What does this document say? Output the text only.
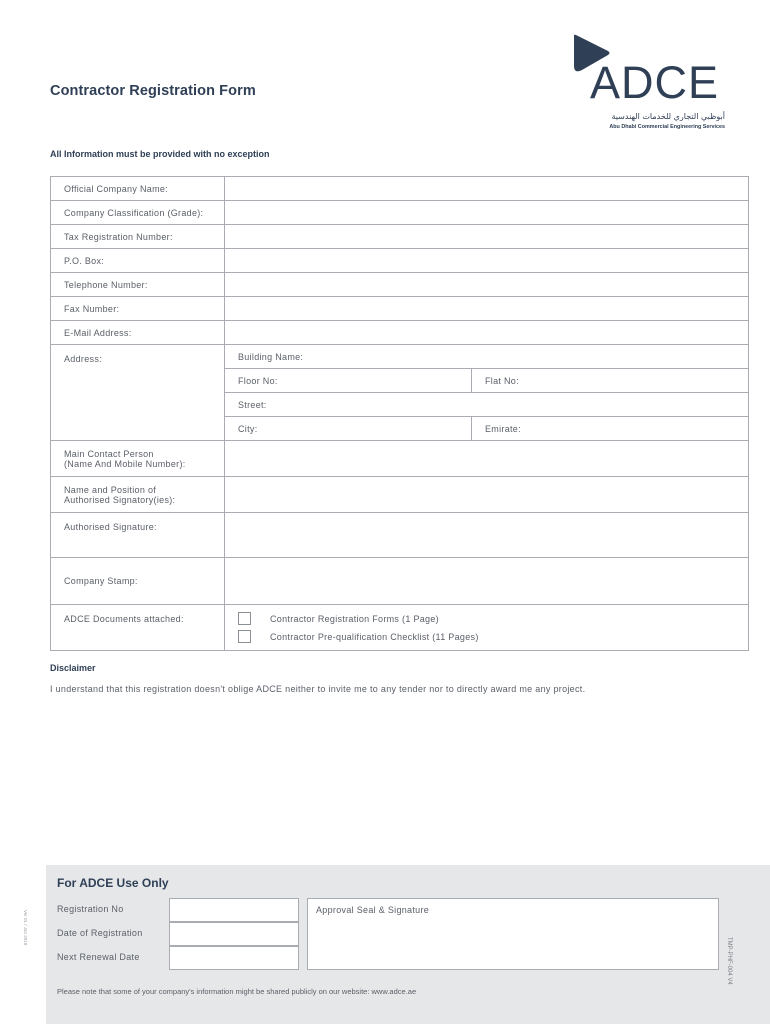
Contractor Registration Form	ADCE
أبوظبي التجاري للخدمات الهندسية
Abu Dhabi Commercial Engineering Services
All Information must be provided with no exception
Official Company Name:		
Company Classification (Grade):		
Tax Registration Number:		
P.O. Box:		
Telephone Number:		
Fax Number:		
E-Mail Address:		
Address:	Building Name:	
	Floor No:	Flat No:
	Street:	
	City:	Emirate:

Main Contact Person
(Name And Mobile Number):		

Name and Position of
Authorised Signatory(ies):		

Authorised Signature:		
Company Stamp:		
ADCE Documents attached:	Contractor Registration Forms (1 Page)
Contractor Pre-qualification Checklist (11 Pages)	
Disclaimer
I understand that this registration doesn't oblige ADCE neither to invite me to any tender nor to directly award me any project.
Ver 01 / Jan 2018
For ADCE Use Only
Registration No
Date of Registration
Next Renewal Date
Approval Seal & Signature
TMP-PHF-004 V4
Please note that some of your company's information might be shared publicly on our website: www.adce.ae
